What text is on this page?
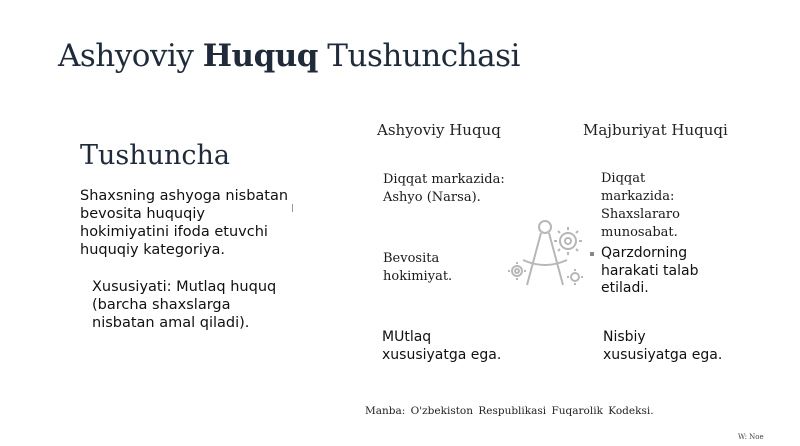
Ashyoviy Huquq Tushunchasi
Tushuncha
Shaxsning ashyoga nisbatan bevosita huquqiy hokimiyatini ifoda etuvchi huquqiy kategoriya.
Xususiyati: Mutlaq huquq (barcha shaxslarga nisbatan amal qiladi).
Ashyoviy Huquq	Majburiyat Huquqi
Diqqat markazida: Ashyo (Narsa).
Diqqat markazida: Shaxslararo munosabat.
Bevosita hokimiyat.
Qarzdorning harakati talab etiladi.
MUtlaq xususiyatga ega.
Nisbiy xususiyatga ega.
Manba: O'zbekiston Respublikasi Fuqarolik Kodeksi.
W: Noe
